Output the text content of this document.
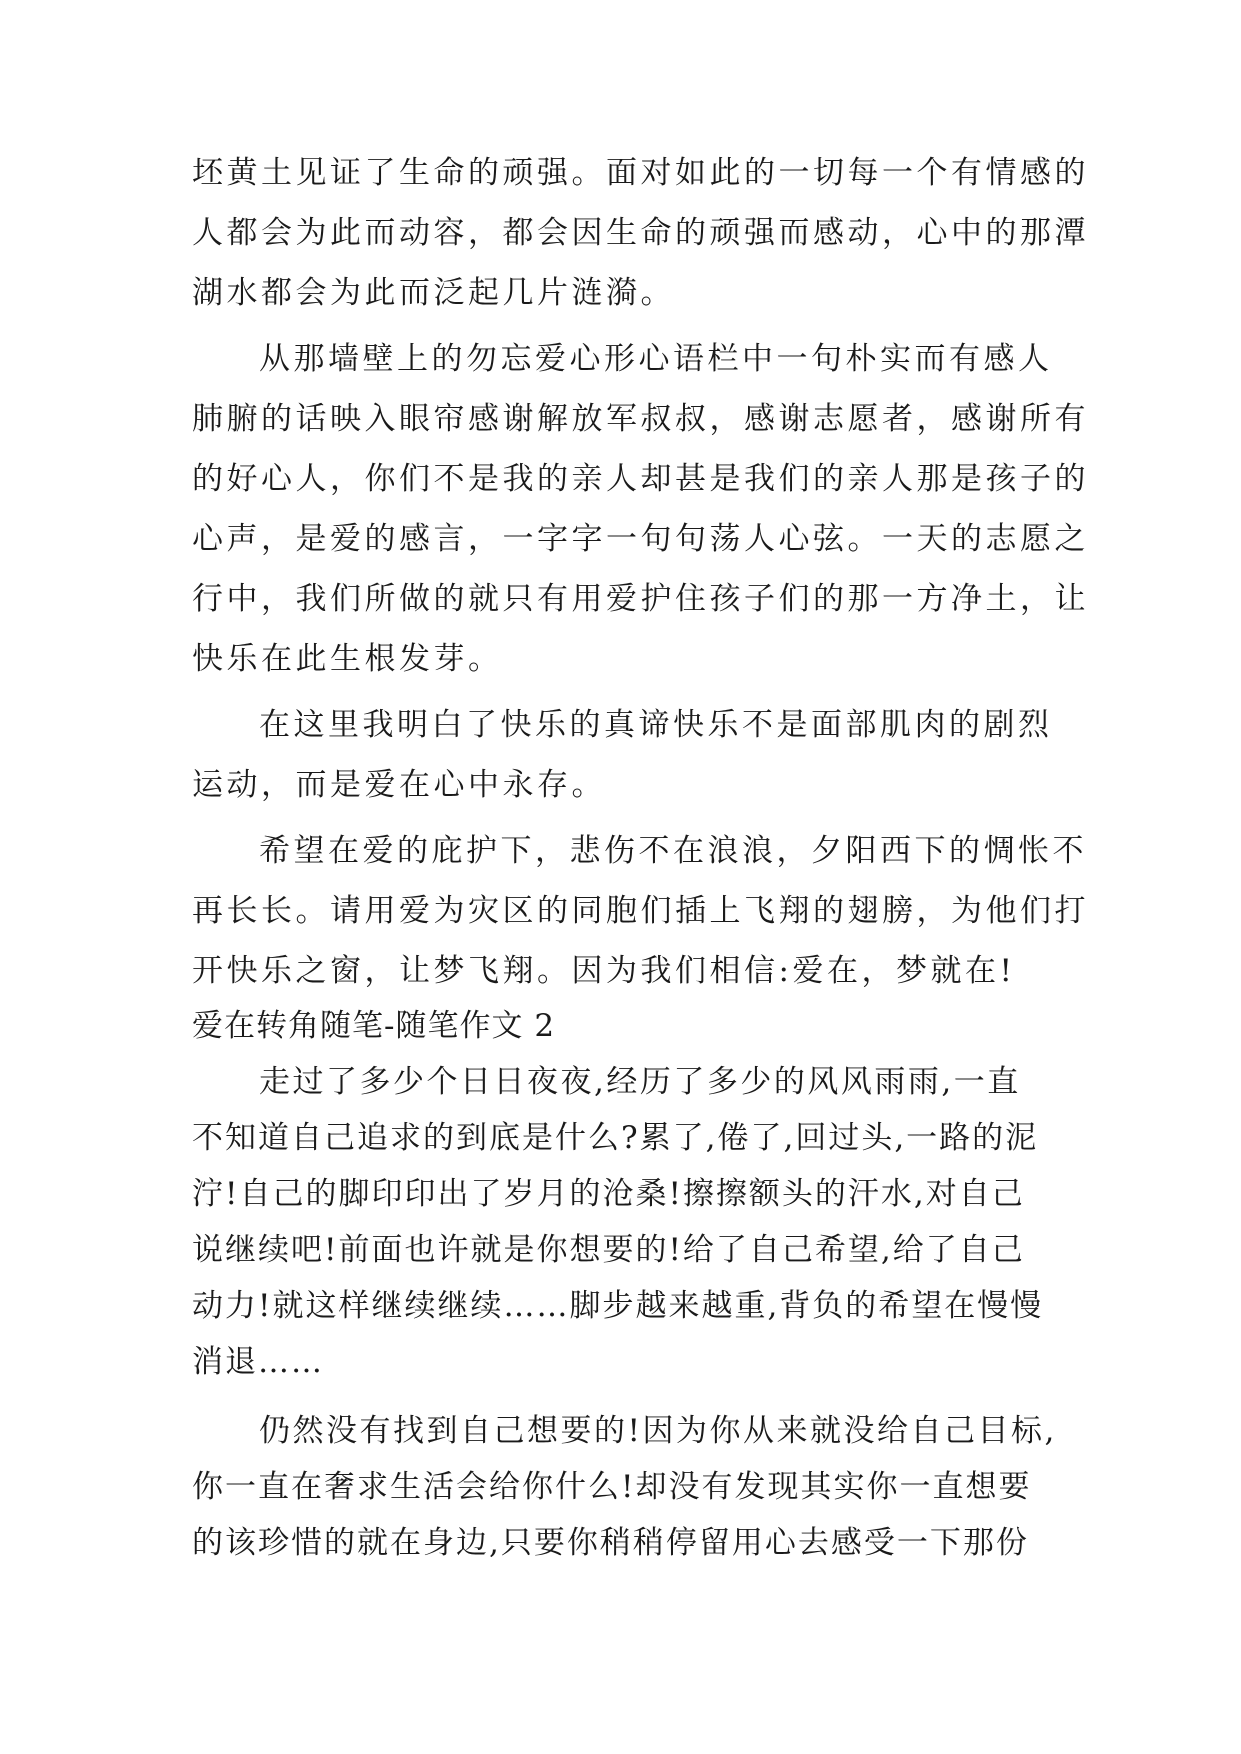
坯黄土见证了生命的顽强。面对如此的一切每一个有情感的
人都会为此而动容，都会因生命的顽强而感动，心中的那潭
湖水都会为此而泛起几片涟漪。
从那墙壁上的勿忘爱心形心语栏中一句朴实而有感人
肺腑的话映入眼帘感谢解放军叔叔，感谢志愿者，感谢所有
的好心人，你们不是我的亲人却甚是我们的亲人那是孩子的
心声，是爱的感言，一字字一句句荡人心弦。一天的志愿之
行中，我们所做的就只有用爱护住孩子们的那一方净土，让
快乐在此生根发芽。
在这里我明白了快乐的真谛快乐不是面部肌肉的剧烈
运动，而是爱在心中永存。
希望在爱的庇护下，悲伤不在浪浪，夕阳西下的惆怅不
再长长。请用爱为灾区的同胞们插上飞翔的翅膀，为他们打
开快乐之窗，让梦飞翔。因为我们相信:爱在，梦就在!
爱在转角随笔-随笔作文 2
走过了多少个日日夜夜,经历了多少的风风雨雨,一直
不知道自己追求的到底是什么?累了,倦了,回过头,一路的泥
泞!自己的脚印印出了岁月的沧桑!擦擦额头的汗水,对自己
说继续吧!前面也许就是你想要的!给了自己希望,给了自己
动力!就这样继续继续……脚步越来越重,背负的希望在慢慢
消退……
仍然没有找到自己想要的!因为你从来就没给自己目标,
你一直在奢求生活会给你什么!却没有发现其实你一直想要
的该珍惜的就在身边,只要你稍稍停留用心去感受一下那份
